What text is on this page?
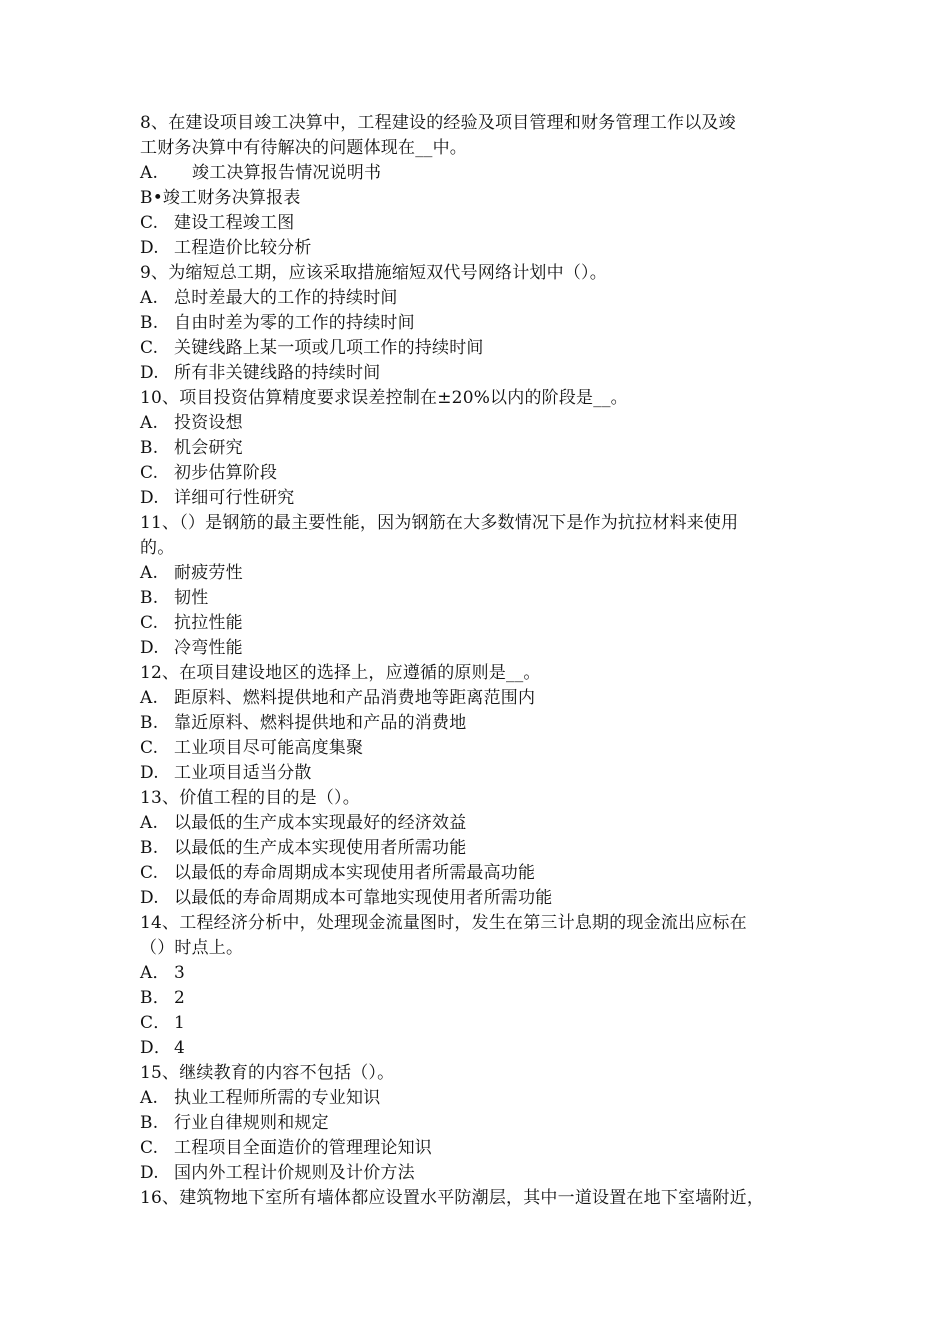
8、在建设项目竣工决算中，工程建设的经验及项目管理和财务管理工作以及竣
工财务决算中有待解决的问题体现在__中。
A. 竣工决算报告情况说明书
B•竣工财务决算报表
C. 建设工程竣工图
D. 工程造价比较分析
9、为缩短总工期，应该采取措施缩短双代号网络计划中（）。
A. 总时差最大的工作的持续时间
B. 自由时差为零的工作的持续时间
C. 关键线路上某一项或几项工作的持续时间
D. 所有非关键线路的持续时间
10、项目投资估算精度要求误差控制在±20%以内的阶段是__。
A. 投资设想
B. 机会研究
C. 初步估算阶段
D. 详细可行性研究
11、（）是钢筋的最主要性能，因为钢筋在大多数情况下是作为抗拉材料来使用
的。
A. 耐疲劳性
B. 韧性
C. 抗拉性能
D. 冷弯性能
12、在项目建设地区的选择上，应遵循的原则是__。
A. 距原料、燃料提供地和产品消费地等距离范围内
B. 靠近原料、燃料提供地和产品的消费地
C. 工业项目尽可能高度集聚
D. 工业项目适当分散
13、价值工程的目的是（）。
A. 以最低的生产成本实现最好的经济效益
B. 以最低的生产成本实现使用者所需功能
C. 以最低的寿命周期成本实现使用者所需最高功能
D. 以最低的寿命周期成本可靠地实现使用者所需功能
14、工程经济分析中，处理现金流量图时，发生在第三计息期的现金流出应标在
（）时点上。
A． 3
B． 2
C． 1
D． 4
15、继续教育的内容不包括（）。
A. 执业工程师所需的专业知识
B. 行业自律规则和规定
C. 工程项目全面造价的管理理论知识
D. 国内外工程计价规则及计价方法
16、建筑物地下室所有墙体都应设置水平防潮层，其中一道设置在地下室墙附近，
